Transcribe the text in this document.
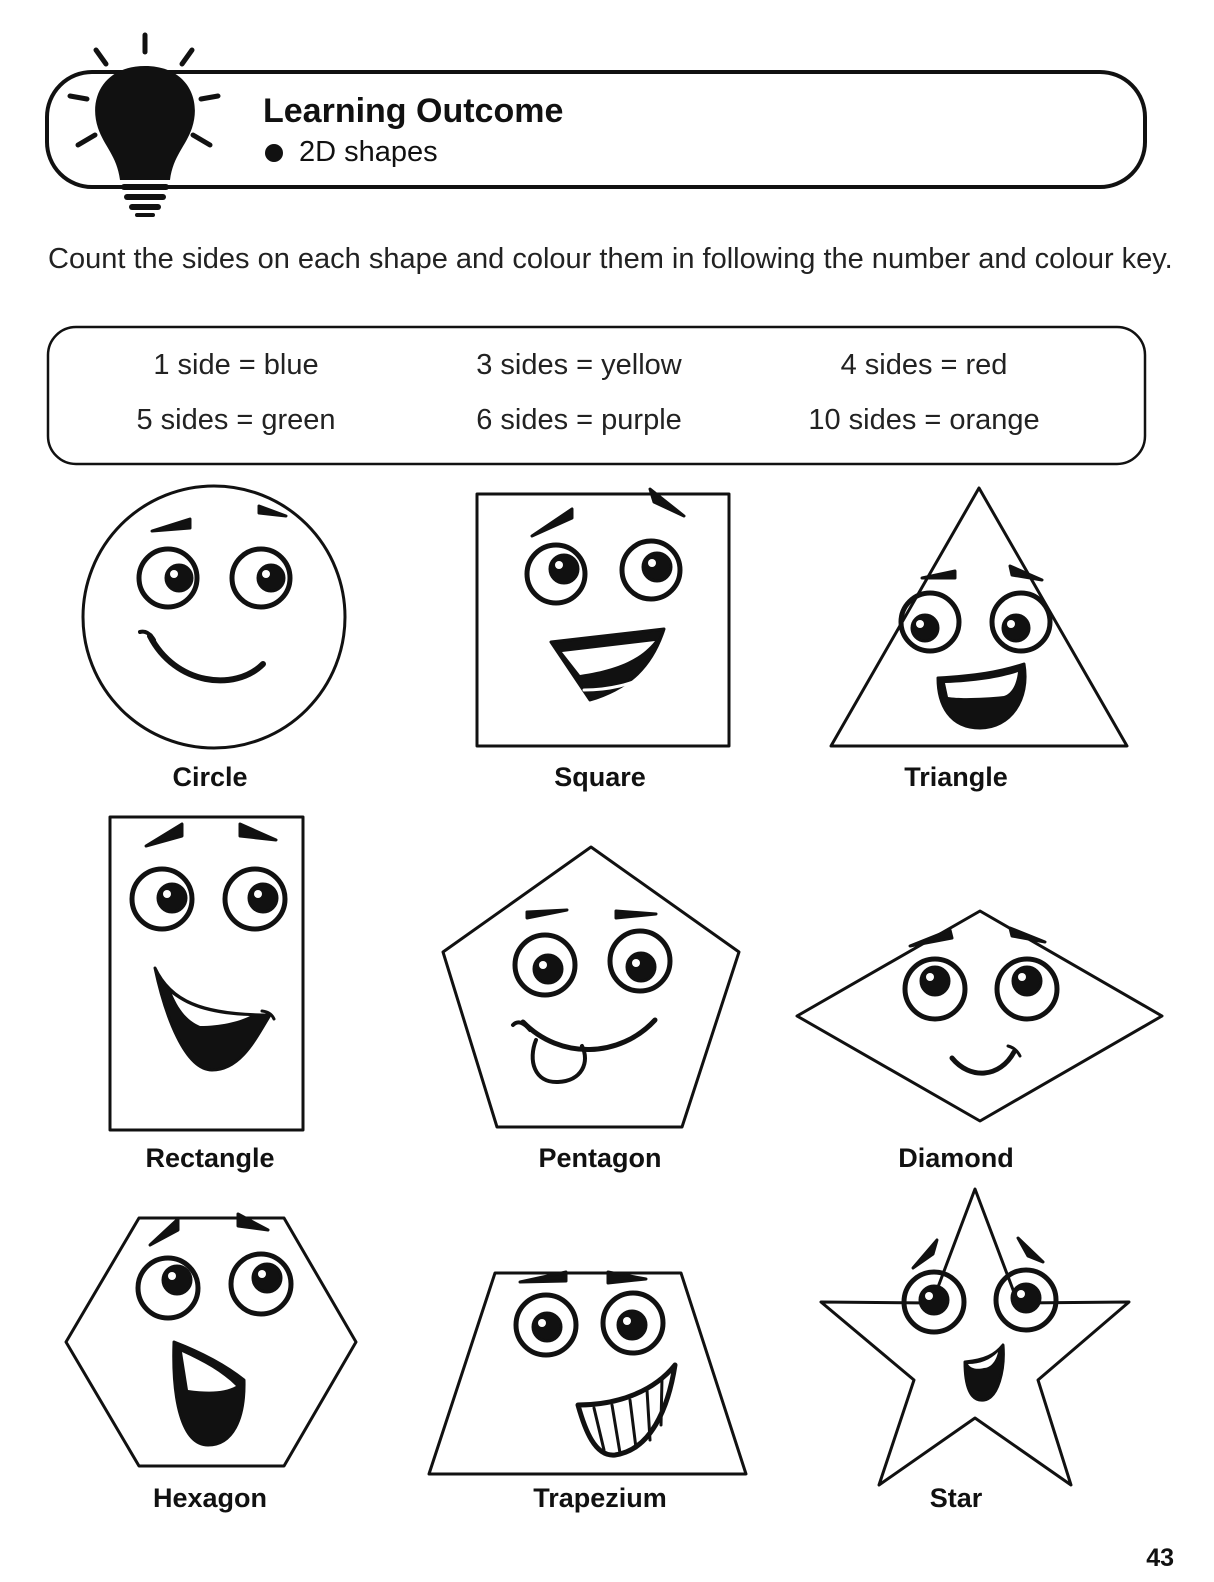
Learning Outcome
2D shapes
Count the sides on each shape and colour them in following the number and colour key.
1 side = blue	3 sides = yellow	4 sides = red
5 sides = green	6 sides = purple	10 sides = orange
Circle	Square	Triangle
Rectangle	Pentagon	Diamond
Hexagon	Trapezium	Star
43
